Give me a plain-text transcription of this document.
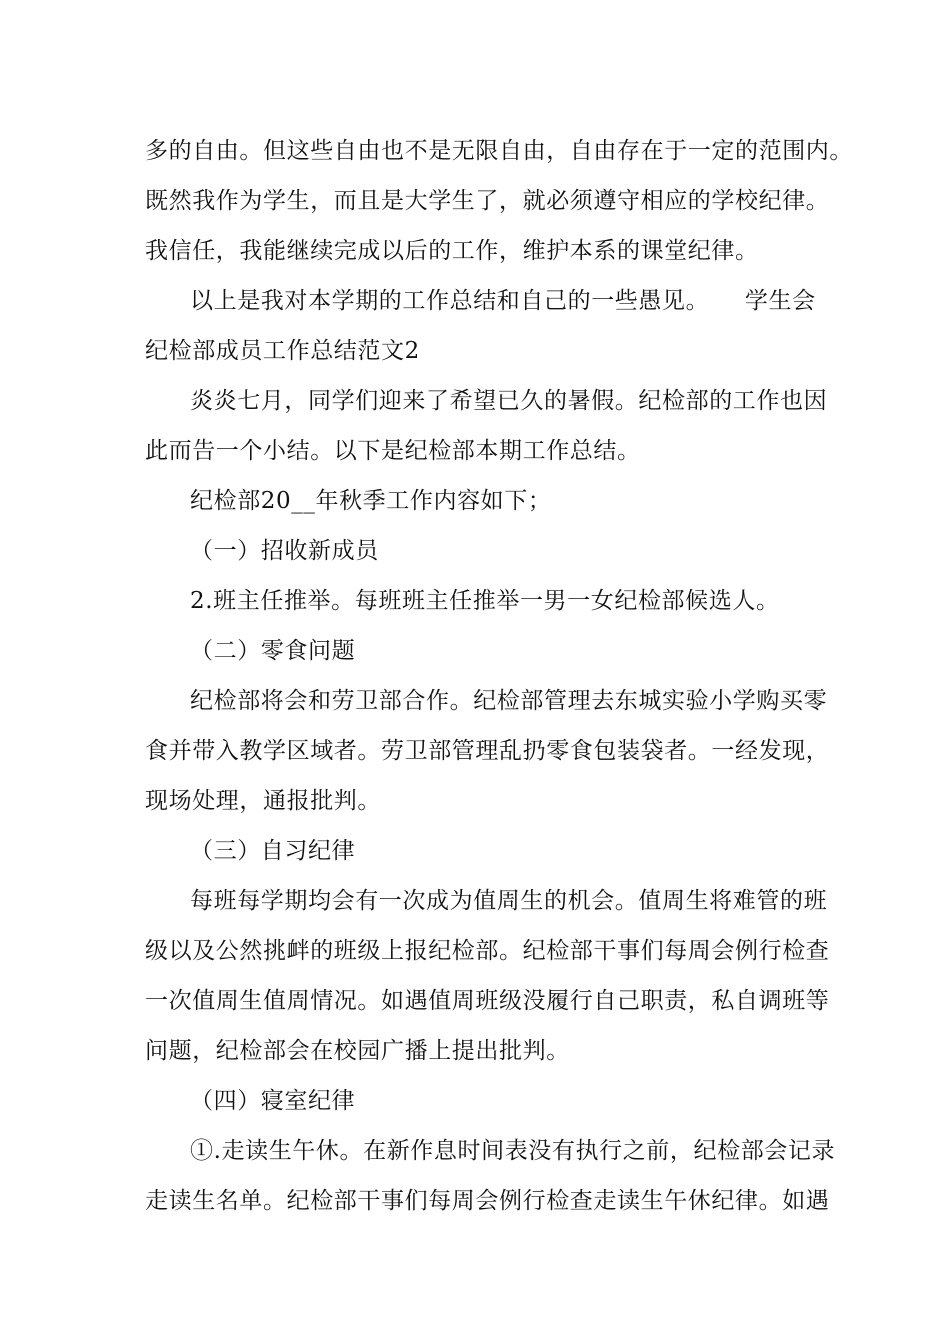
多的自由。但这些自由也不是无限自由，自由存在于一定的范围内。
既然我作为学生，而且是大学生了，就必须遵守相应的学校纪律。
我信任，我能继续完成以后的工作，维护本系的课堂纪律。
以上是我对本学期的工作总结和自己的一些愚见。　　学生会
纪检部成员工作总结范文2
炎炎七月，同学们迎来了希望已久的暑假。纪检部的工作也因
此而告一个小结。以下是纪检部本期工作总结。
纪检部20__年秋季工作内容如下；
（一）招收新成员
2.班主任推举。每班班主任推举一男一女纪检部候选人。
（二）零食问题
纪检部将会和劳卫部合作。纪检部管理去东城实验小学购买零
食并带入教学区域者。劳卫部管理乱扔零食包装袋者。一经发现，
现场处理，通报批判。
（三）自习纪律
每班每学期均会有一次成为值周生的机会。值周生将难管的班
级以及公然挑衅的班级上报纪检部。纪检部干事们每周会例行检查
一次值周生值周情况。如遇值周班级没履行自己职责，私自调班等
问题，纪检部会在校园广播上提出批判。
（四）寝室纪律
①.走读生午休。在新作息时间表没有执行之前，纪检部会记录
走读生名单。纪检部干事们每周会例行检查走读生午休纪律。如遇
